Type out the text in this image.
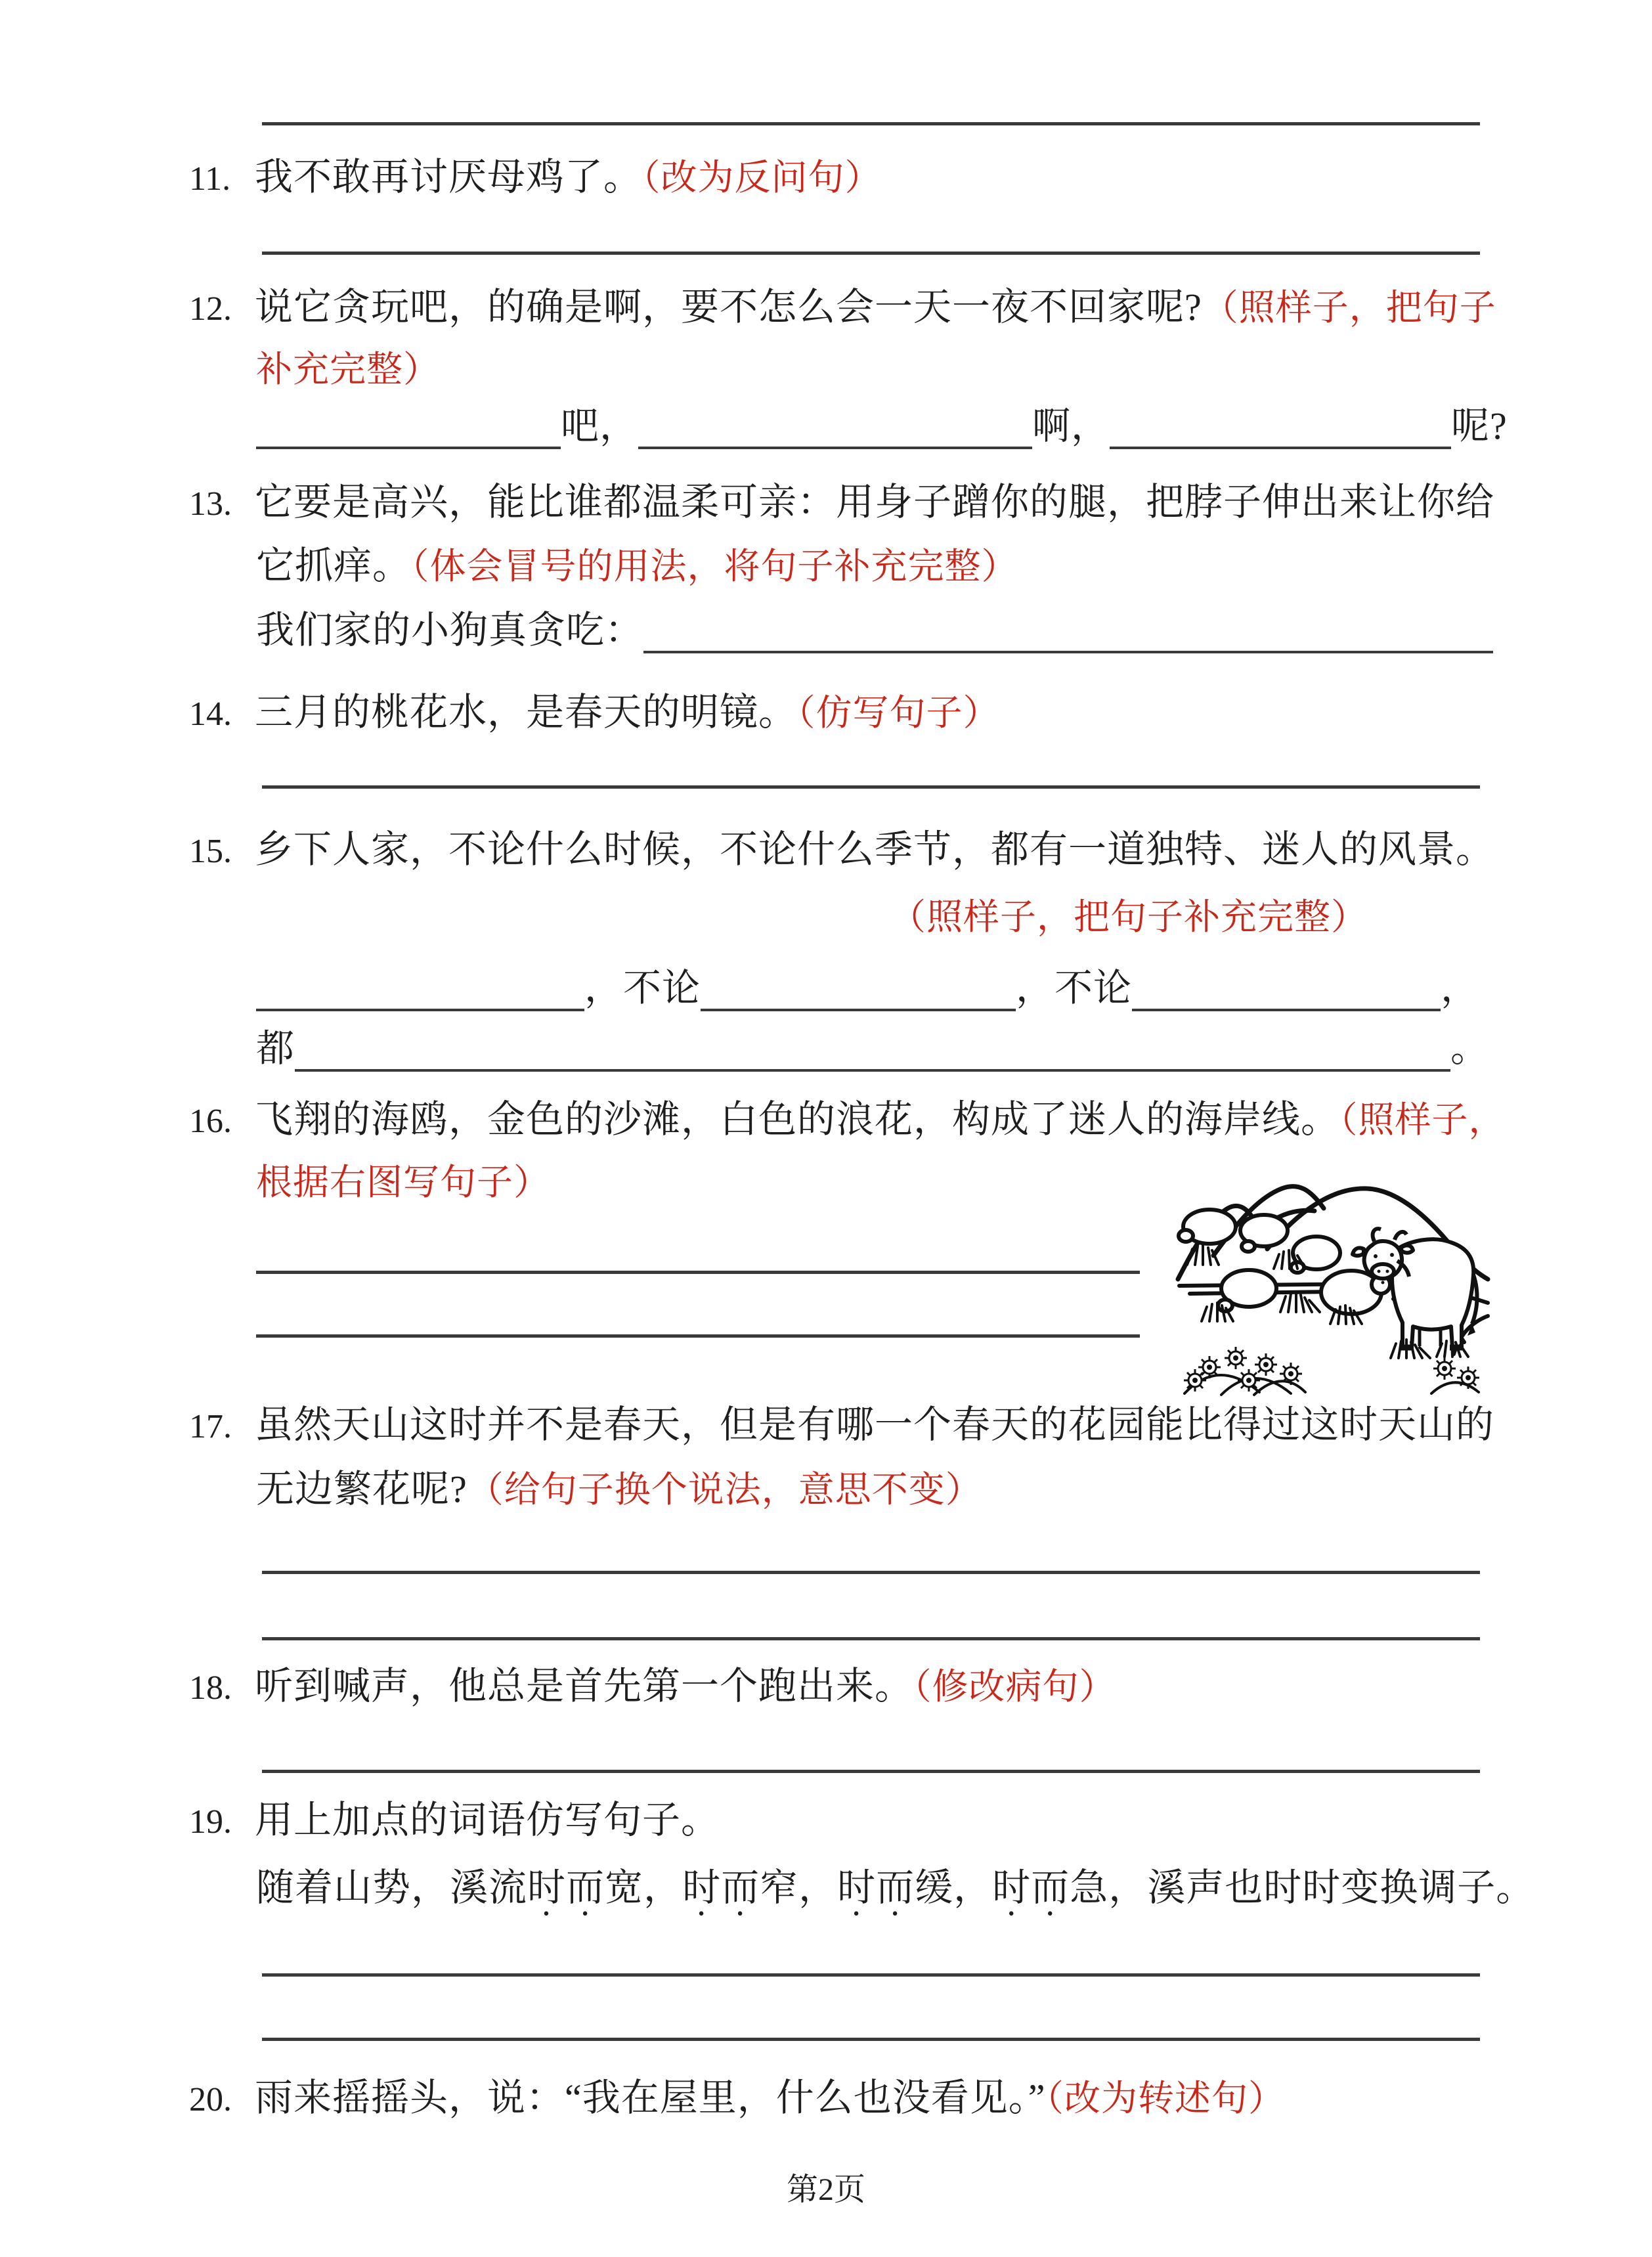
11. 我不敢再讨厌母鸡了。（改为反问句）
12. 说它贪玩吧，的确是啊，要不怎么会一天一夜不回家呢?（照样子，把句子
补充完整）
吧，	啊，	呢?
13. 它要是高兴，能比谁都温柔可亲：用身子蹭你的腿，把脖子伸出来让你给
它抓痒。（体会冒号的用法，将句子补充完整）
我们家的小狗真贪吃：
14. 三月的桃花水，是春天的明镜。（仿写句子）
15. 乡下人家，不论什么时候，不论什么季节，都有一道独特、迷人的风景。
（照样子，把句子补充完整）
，不论	，不论	，
都	。
16. 飞翔的海鸥，金色的沙滩，白色的浪花，构成了迷人的海岸线。（照样子，
根据右图写句子）
17. 虽然天山这时并不是春天，但是有哪一个春天的花园能比得过这时天山的
无边繁花呢?（给句子换个说法，意思不变）
18. 听到喊声，他总是首先第一个跑出来。（修改病句）
19. 用上加点的词语仿写句子。
随着山势，溪流时而宽，时而窄，时而缓，时而急，溪声也时时变换调子。
20. 雨来摇摇头，说：“我在屋里，什么也没看见。”（改为转述句）
第2页
